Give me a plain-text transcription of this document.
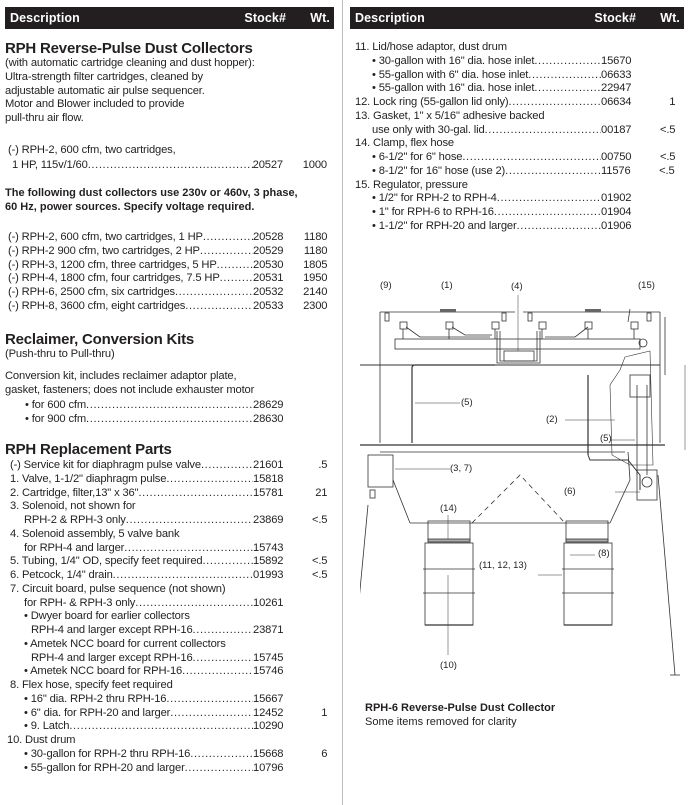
Description	Stock#	Wt.
RPH Reverse-Pulse Dust Collectors
(with automatic cartridge cleaning and dust hopper):
Ultra-strength filter cartridges, cleaned by
adjustable automatic air pulse sequencer.
Motor and Blower included to provide
pull-thru air flow.
(-) RPH-2, 600 cfm, two cartridges,
1 HP, 115v/1/60 .....	20527	1000
The following dust collectors use 230v or 460v, 3 phase,
60 Hz, power sources. Specify voltage required.
(-) RPH-2, 600 cfm, two cartridges, 1 HP .....	20528	1180
(-) RPH-2 900 cfm, two cartridges, 2 HP .....	20529	1180
(-) RPH-3, 1200 cfm, three cartridges, 5 HP .....	20530	1805
(-) RPH-4, 1800 cfm, four cartridges, 7.5 HP .....	20531	1950
(-) RPH-6, 2500 cfm, six cartridges .....	20532	2140
(-) RPH-8, 3600 cfm, eight cartridges .....	20533	2300
Reclaimer, Conversion Kits
(Push-thru to Pull-thru)
Conversion kit, includes reclaimer adaptor plate,
gasket, fasteners; does not include exhauster motor
• for 600 cfm .....	28629
• for 900 cfm .....	28630
RPH Replacement Parts
(-) Service kit for diaphragm pulse valve .....	21601	.5
1. Valve, 1-1/2" diaphragm pulse .....	15818
2. Cartridge, filter,13" x 36" .....	15781	21
3. Solenoid, not shown for
RPH-2 & RPH-3 only .....	23869	<.5
4. Solenoid assembly, 5 valve bank
for RPH-4 and larger .....	15743
5. Tubing, 1/4" OD, specify feet required .....	15892	<.5
6. Petcock, 1/4" drain .....	01993	<.5
7. Circuit board, pulse sequence (not shown)
for RPH- & RPH-3 only .....	10261
• Dwyer board for earlier collectors
RPH-4 and larger except RPH-16 .....	23871
• Ametek NCC board for current collectors
RPH-4 and larger except RPH-16 .....	15745
• Ametek NCC board for RPH-16 .....	15746
8. Flex hose, specify feet required
• 16" dia. RPH-2 thru RPH-16 .....	15667
• 6" dia. for RPH-20 and larger .....	12452	1
• 9. Latch .....	10290
10. Dust drum
• 30-gallon for RPH-2 thru RPH-16 .....	15668	6
• 55-gallon for RPH-20 and larger .....	10796
Description	Stock#	Wt.
11. Lid/hose adaptor, dust drum
• 30-gallon with 16" dia. hose inlet .....	15670
• 55-gallon with 6" dia. hose inlet .....	06633
• 55-gallon with 16" dia. hose inlet .....	22947
12. Lock ring (55-gallon lid only) .....	06634	1
13. Gasket, 1" x 5/16" adhesive backed
use only with 30-gal. lid .....	00187	<.5
14. Clamp, flex hose
• 6-1/2" for 6" hose .....	00750	<.5
• 8-1/2" for 16" hose (use 2) .....	11576	<.5
15. Regulator, pressure
• 1/2" for RPH-2 to RPH-4 .....	01902
• 1" for RPH-6 to RPH-16 .....	01904
• 1-1/2" for RPH-20 and larger .....	01906
(9)	(1)	(4)	(15)
(5)
(2)
(5)
(3, 7)
(6)
(14)
(8)
(11, 12, 13)
(10)
RPH-6 Reverse-Pulse Dust Collector
Some items removed for clarity
